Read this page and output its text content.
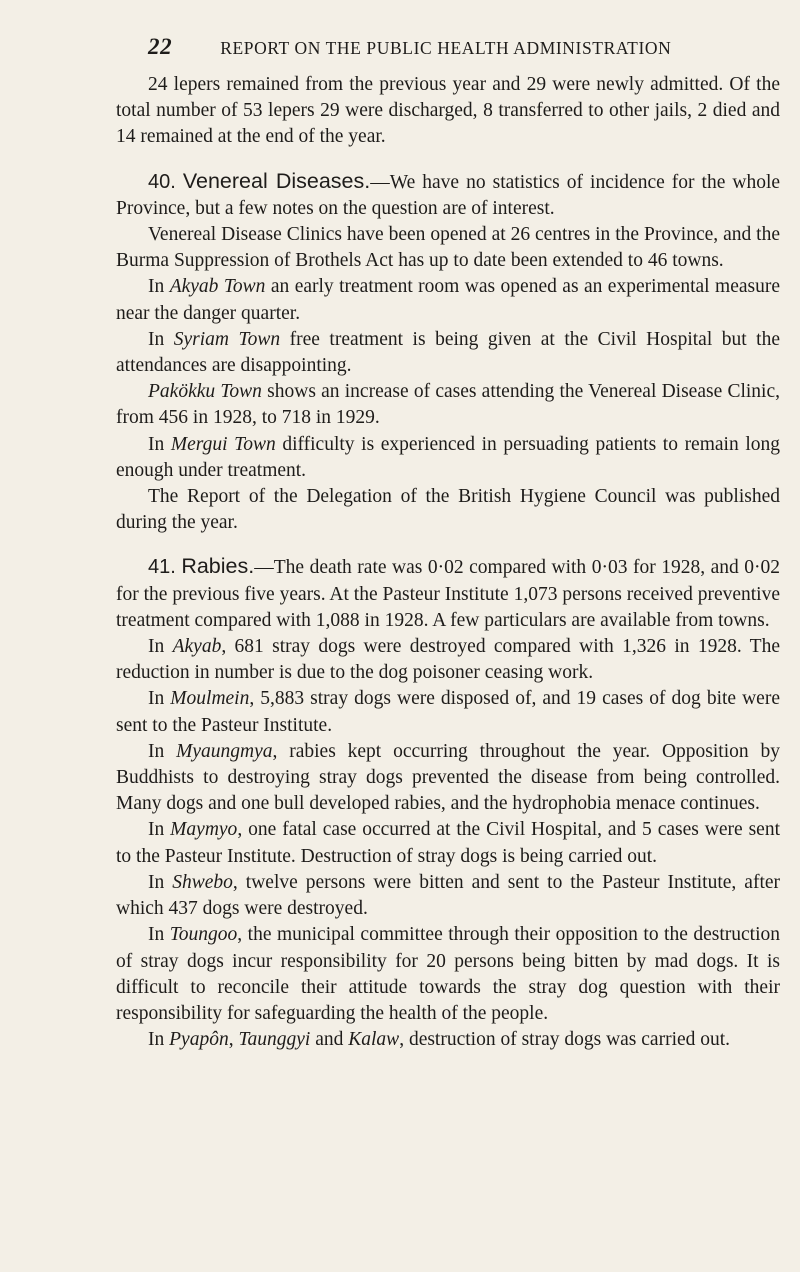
22	REPORT ON THE PUBLIC HEALTH ADMINISTRATION

24 lepers remained from the previous year and 29 were newly admitted. Of the total number of 53 lepers 29 were discharged, 8 transferred to other jails, 2 died and 14 remained at the end of the year.

40. Venereal Diseases.—We have no statistics of incidence for the whole Province, but a few notes on the question are of interest.

Venereal Disease Clinics have been opened at 26 centres in the Province, and the Burma Suppression of Brothels Act has up to date been extended to 46 towns.

In Akyab Town an early treatment room was opened as an experimental measure near the danger quarter.

In Syriam Town free treatment is being given at the Civil Hospital but the attendances are disappointing.

Pakökku Town shows an increase of cases attending the Venereal Disease Clinic, from 456 in 1928, to 718 in 1929.

In Mergui Town difficulty is experienced in persuading patients to remain long enough under treatment.

The Report of the Delegation of the British Hygiene Council was published during the year.

41. Rabies.—The death rate was 0·02 compared with 0·03 for 1928, and 0·02 for the previous five years. At the Pasteur Institute 1,073 persons received preventive treatment compared with 1,088 in 1928. A few particulars are available from towns.

In Akyab, 681 stray dogs were destroyed compared with 1,326 in 1928. The reduction in number is due to the dog poisoner ceasing work.

In Moulmein, 5,883 stray dogs were disposed of, and 19 cases of dog bite were sent to the Pasteur Institute.

In Myaungmya, rabies kept occurring throughout the year. Opposition by Buddhists to destroying stray dogs prevented the disease from being controlled. Many dogs and one bull developed rabies, and the hydrophobia menace continues.

In Maymyo, one fatal case occurred at the Civil Hospital, and 5 cases were sent to the Pasteur Institute. Destruction of stray dogs is being carried out.

In Shwebo, twelve persons were bitten and sent to the Pasteur Institute, after which 437 dogs were destroyed.

In Toungoo, the municipal committee through their opposition to the destruction of stray dogs incur responsibility for 20 persons being bitten by mad dogs. It is difficult to reconcile their attitude towards the stray dog question with their responsibility for safeguarding the health of the people.

In Pyapôn, Taunggyi and Kalaw, destruction of stray dogs was carried out.
